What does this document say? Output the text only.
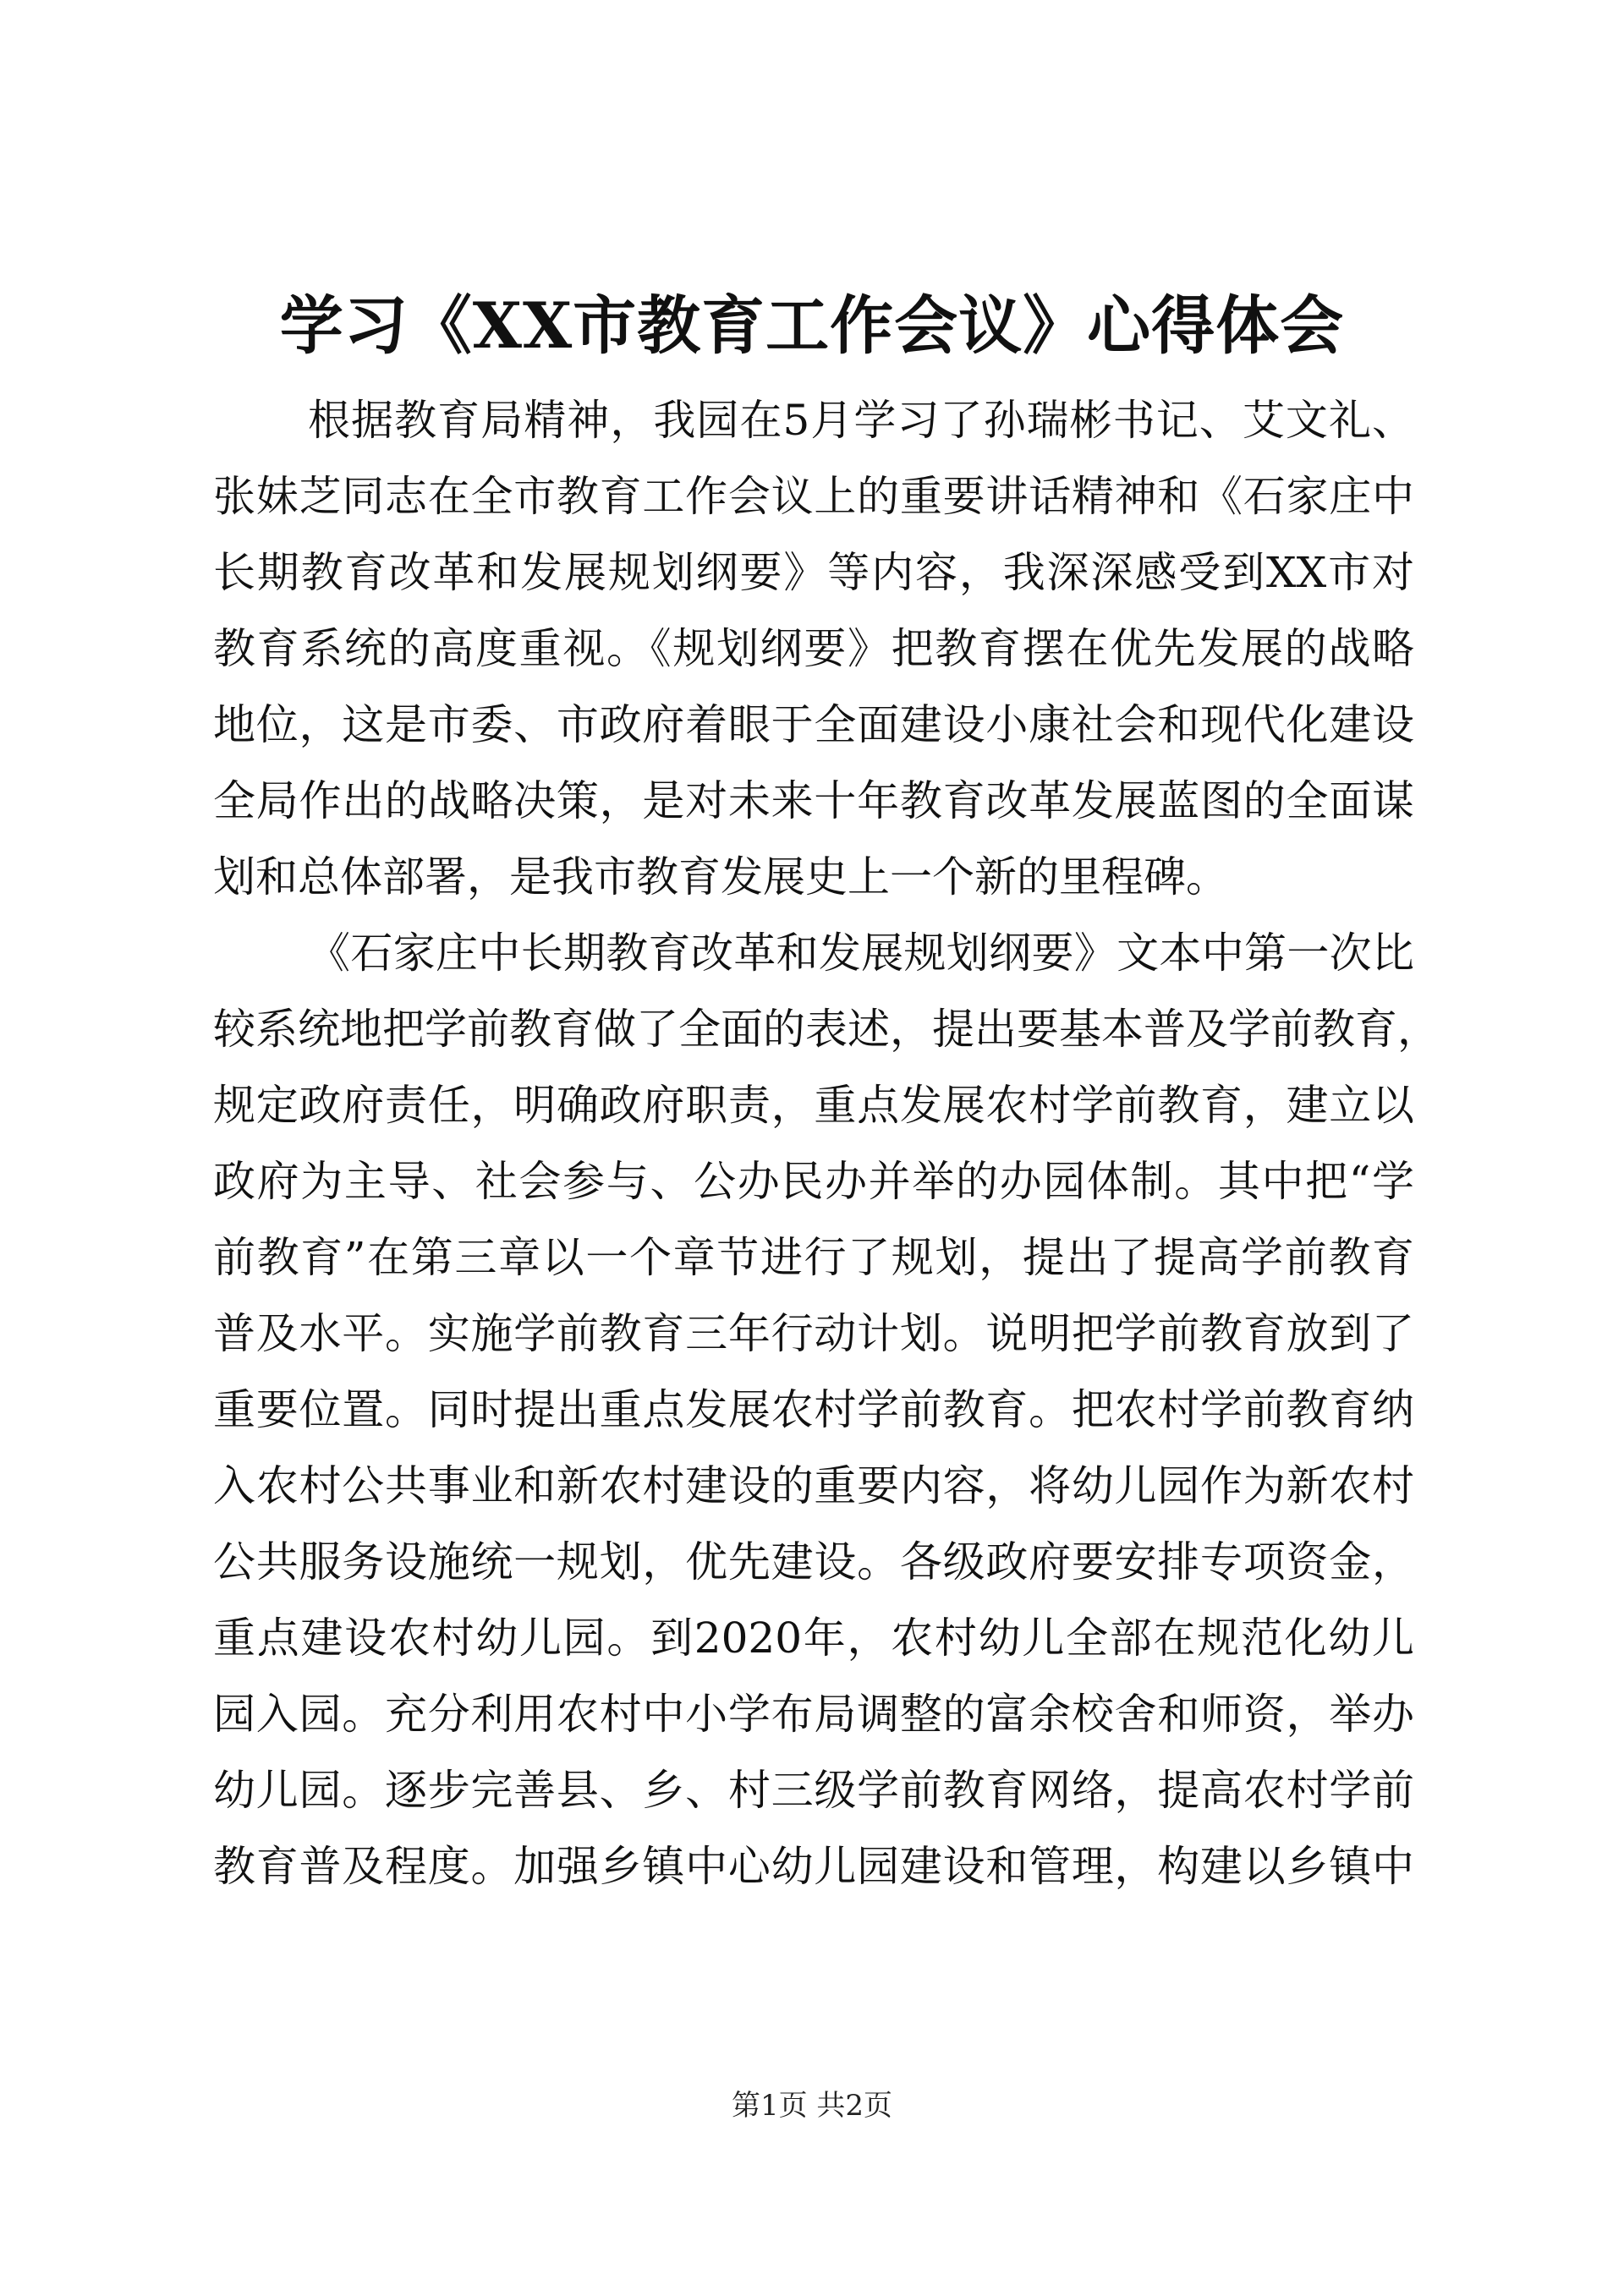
学习《XX市教育工作会议》心得体会
根据教育局精神，我园在5月学习了孙瑞彬书记、艾文礼、
张妹芝同志在全市教育工作会议上的重要讲话精神和《石家庄中
长期教育改革和发展规划纲要》等内容，我深深感受到XX市对
教育系统的高度重视。《规划纲要》把教育摆在优先发展的战略
地位，这是市委、市政府着眼于全面建设小康社会和现代化建设
全局作出的战略决策，是对未来十年教育改革发展蓝图的全面谋
划和总体部署，是我市教育发展史上一个新的里程碑。
《石家庄中长期教育改革和发展规划纲要》文本中第一次比
较系统地把学前教育做了全面的表述，提出要基本普及学前教育，
规定政府责任，明确政府职责，重点发展农村学前教育，建立以
政府为主导、社会参与、公办民办并举的办园体制。其中把“学
前教育”在第三章以一个章节进行了规划，提出了提高学前教育
普及水平。实施学前教育三年行动计划。说明把学前教育放到了
重要位置。同时提出重点发展农村学前教育。把农村学前教育纳
入农村公共事业和新农村建设的重要内容，将幼儿园作为新农村
公共服务设施统一规划，优先建设。各级政府要安排专项资金，
重点建设农村幼儿园。到2020年，农村幼儿全部在规范化幼儿
园入园。充分利用农村中小学布局调整的富余校舍和师资，举办
幼儿园。逐步完善县、乡、村三级学前教育网络，提高农村学前
教育普及程度。加强乡镇中心幼儿园建设和管理，构建以乡镇中
第1页 共2页
